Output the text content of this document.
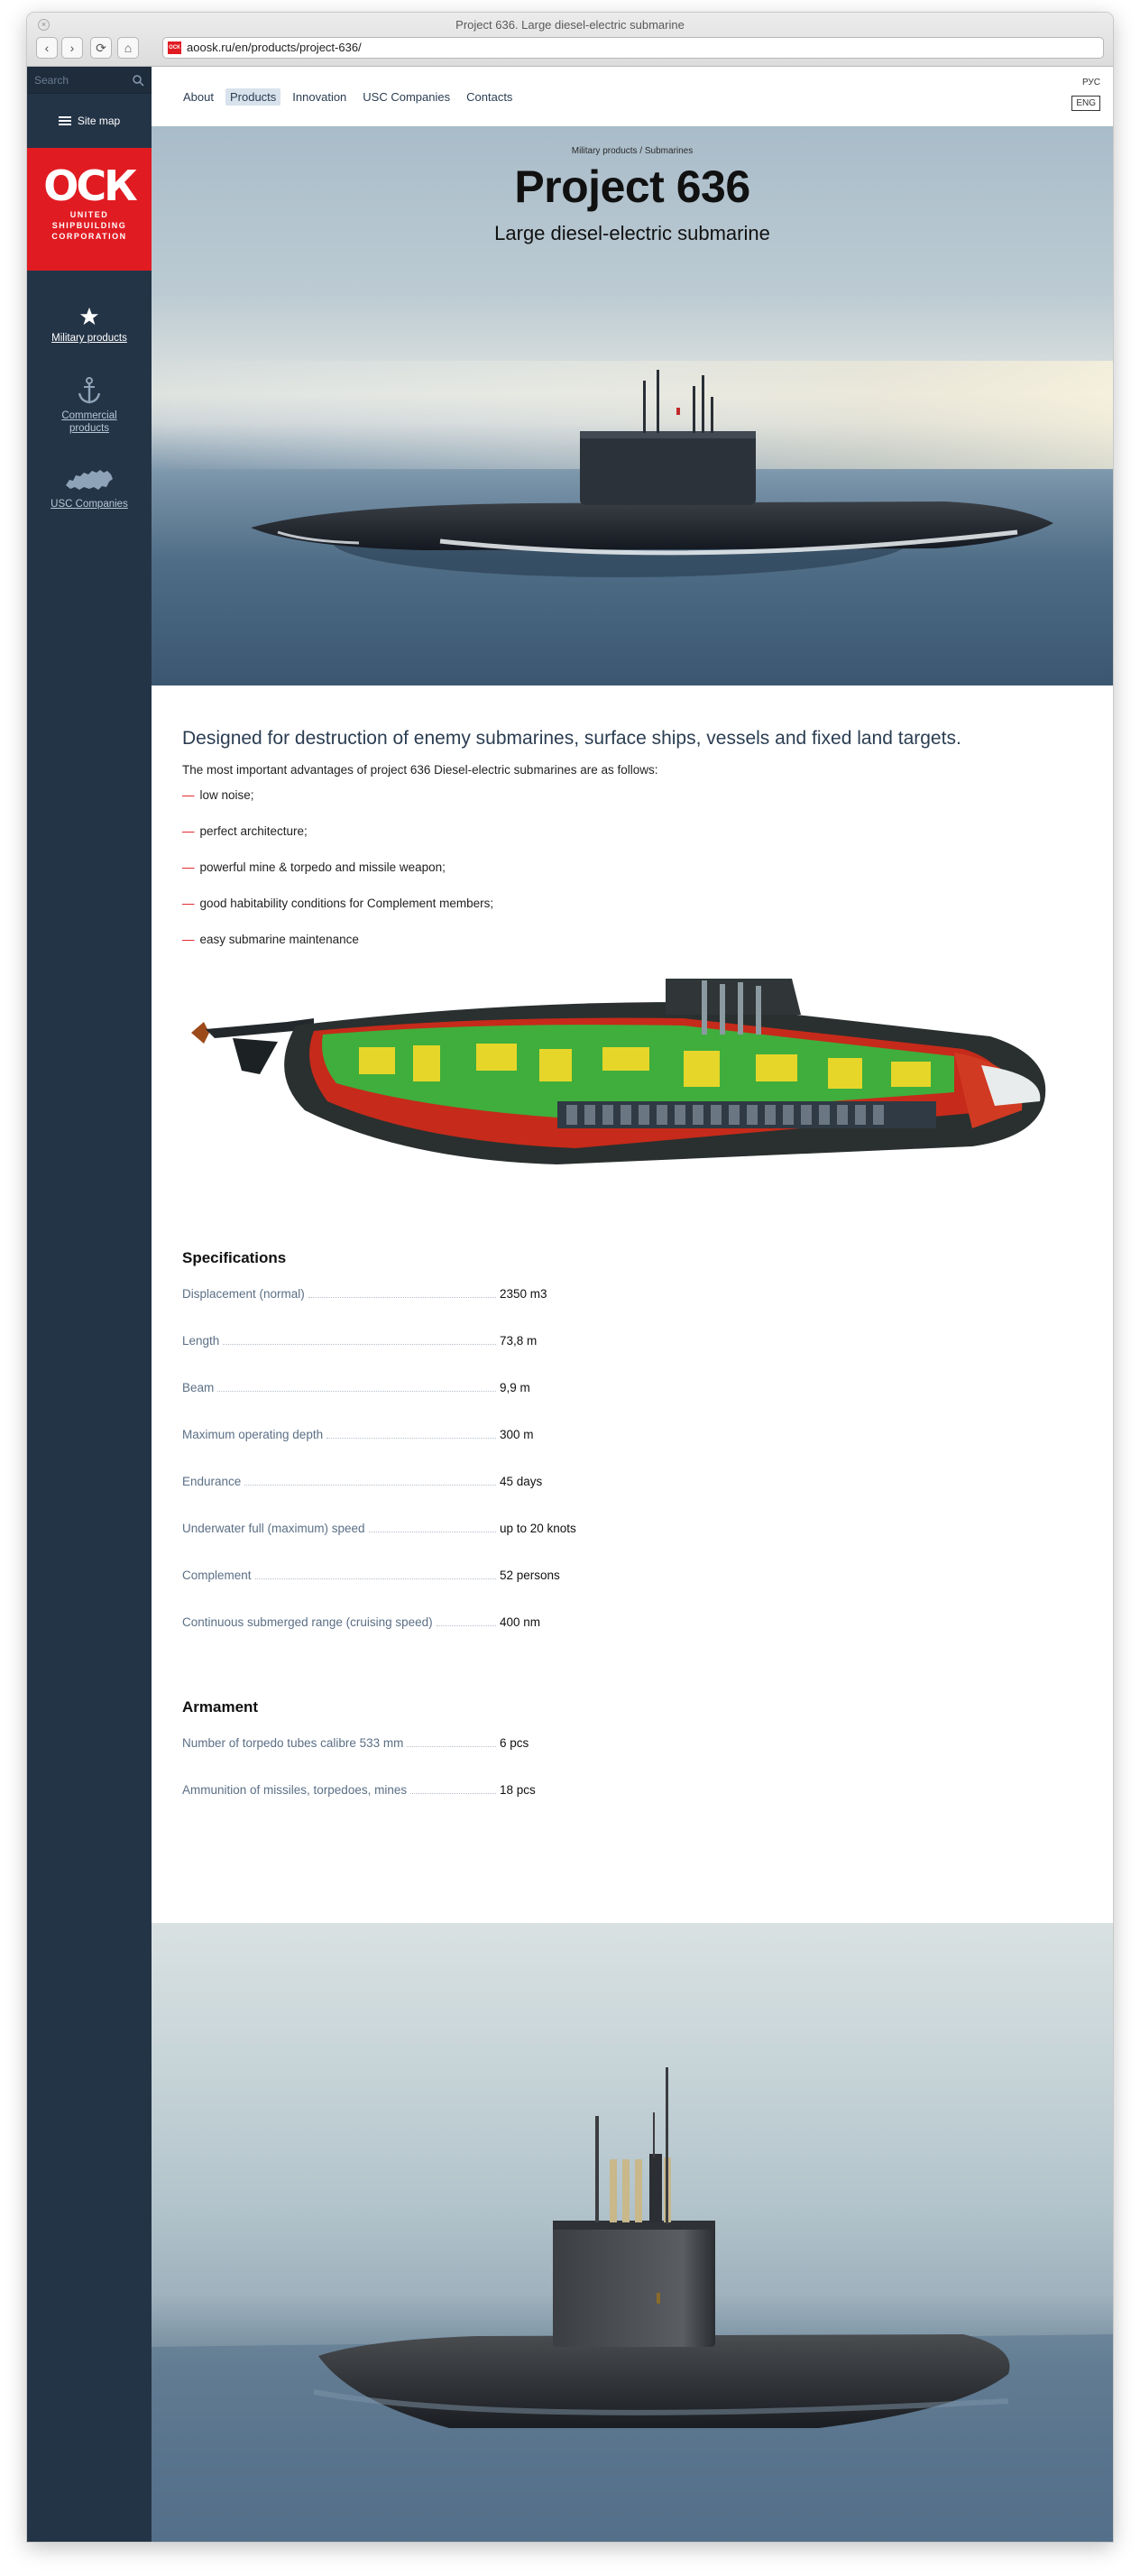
×	Project 636. Large diesel-electric submarine
‹	›	⟳	⌂	ОСК aoosk.ru/en/products/project-636/
Search
Site map
ОСК
UNITED
SHIPBUILDING
CORPORATION
Military products
Commercial products
USC Companies
About	Products	Innovation	USC Companies	Contacts
РУС
ENG
Military products / Submarines
Project 636
Large diesel-electric submarine
Designed for destruction of enemy submarines, surface ships, vessels and fixed land targets.
The most important advantages of project 636 Diesel-electric submarines are as follows:
— low noise;
— perfect architecture;
— powerful mine & torpedo and missile weapon;
— good habitability conditions for Complement members;
— easy submarine maintenance
Specifications
Displacement (normal)	2350 m3
Length	73,8 m
Beam	9,9 m
Maximum operating depth	300 m
Endurance	45 days
Underwater full (maximum) speed	up to 20 knots
Complement	52 persons
Continuous submerged range (cruising speed)	400 nm
Armament
Number of torpedo tubes calibre 533 mm	6 pcs
Ammunition of missiles, torpedoes, mines	18 pcs
